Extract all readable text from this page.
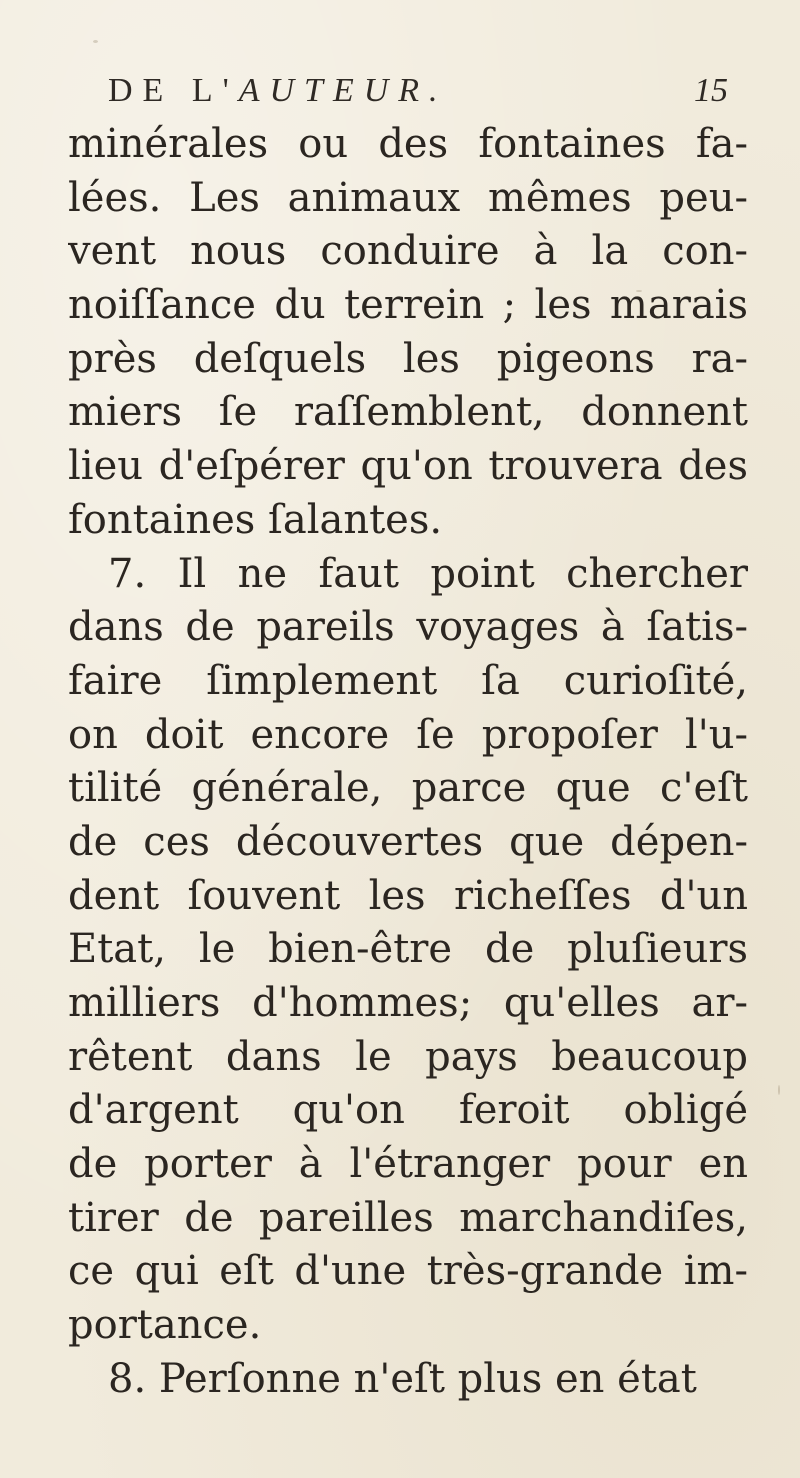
DE L'AUTEUR.	15
minérales ou des fontaines fa-
lées. Les animaux mêmes peu-
vent nous conduire à la con-
noiſſance du terrein ; les marais
près deſquels les pigeons ra-
miers ſe raſſemblent, donnent
lieu d'eſpérer qu'on trouvera des
fontaines ſalantes.
7. Il ne faut point chercher
dans de pareils voyages à ſatis-
faire ſimplement ſa curioſité,
on doit encore ſe propoſer l'u-
tilité générale, parce que c'eſt
de ces découvertes que dépen-
dent ſouvent les richeſſes d'un
Etat, le bien-être de pluſieurs
milliers d'hommes; qu'elles ar-
rêtent dans le pays beaucoup
d'argent qu'on feroit obligé
de porter à l'étranger pour en
tirer de pareilles marchandiſes,
ce qui eſt d'une très-grande im-
portance.
8. Perſonne n'eſt plus en état
